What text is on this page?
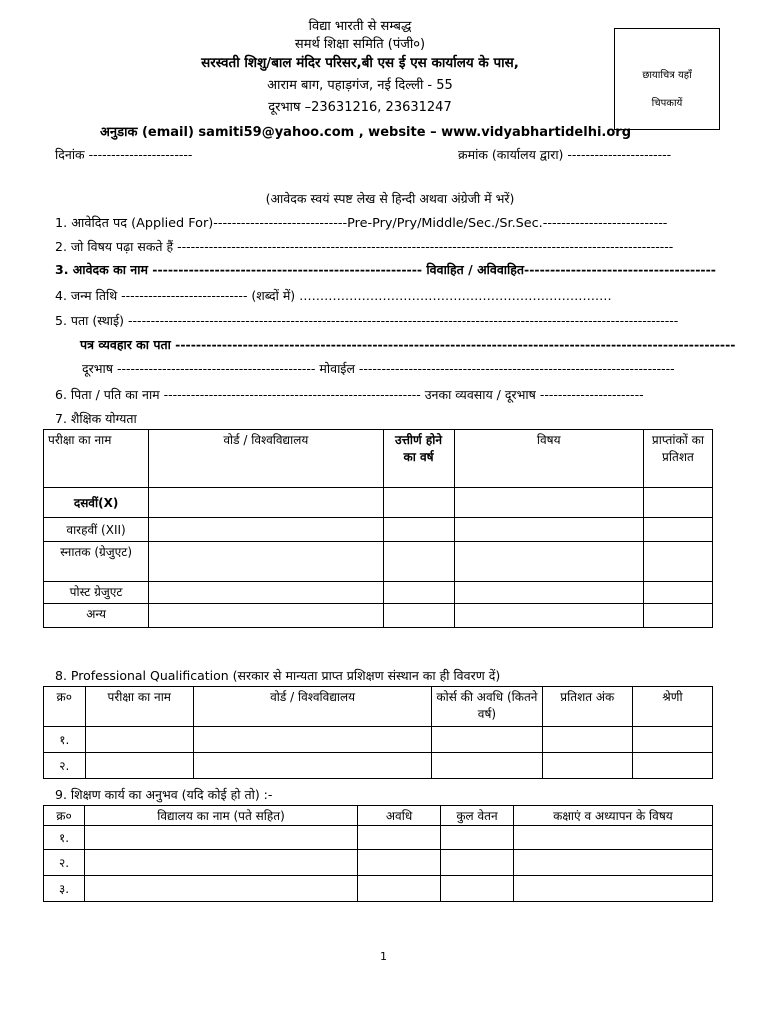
विद्या भारती से सम्बद्ध
समर्थ शिक्षा समिति (पंजी०)
सरस्वती शिशु/बाल मंदिर परिसर,बी एस ई एस कार्यालय के पास,
आराम बाग, पहाड़गंज, नई दिल्ली - 55
दूरभाष –23631216, 23631247
अनुडाक (email) samiti59@yahoo.com , website – www.vidyabhartidelhi.org
छायाचित्र यहाँ
चिपकायें
दिनांक -----------------------	क्रमांक (कार्यालय द्वारा) -----------------------
(आवेदक स्वयं स्पष्ट लेख से हिन्दी अथवा अंग्रेजी में भरें)
1. आवेदित पद (Applied For)-----------------------------Pre-Pry/Pry/Middle/Sec./Sr.Sec.---------------------------
2. जो विषय पढ़ा सकते हैं --------------------------------------------------------------------------------------------------------------
3. आवेदक का नाम ---------------------------------------------------- विवाहित / अविवाहित-------------------------------------
4. जन्म तिथि ---------------------------- (शब्दों में) …………………………………………………………………
5. पता (स्थाई) --------------------------------------------------------------------------------------------------------------------------
पत्र व्यवहार का पता ------------------------------------------------------------------------------------------------------------
दूरभाष -------------------------------------------- मोवाईल ----------------------------------------------------------------------
6. पिता / पति का नाम --------------------------------------------------------- उनका व्यवसाय / दूरभाष -----------------------
7. शैक्षिक योग्यता
परीक्षा का नाम	वोर्ड / विश्वविद्यालय	उत्तीर्ण होने का वर्ष	विषय	प्राप्तांकों का प्रतिशत
दसवीं(X)				
वारहवीं (XII)				
स्नातक (ग्रेजुएट)				
पोस्ट ग्रेजुएट				
अन्य				
8. Professional Qualification (सरकार से मान्यता प्राप्त प्रशिक्षण संस्थान का ही विवरण दें)
क्र०	परीक्षा का नाम	वोर्ड / विश्वविद्यालय	कोर्स की अवधि (कितने वर्ष)	प्रतिशत अंक	श्रेणी
१.					
२.					
9. शिक्षण कार्य का अनुभव (यदि कोई हो तो) :-
क्र०	विद्यालय का नाम (पते सहित)	अवधि	कुल वेतन	कक्षाएं व अध्यापन के विषय
१.				
२.				
३.				
1
